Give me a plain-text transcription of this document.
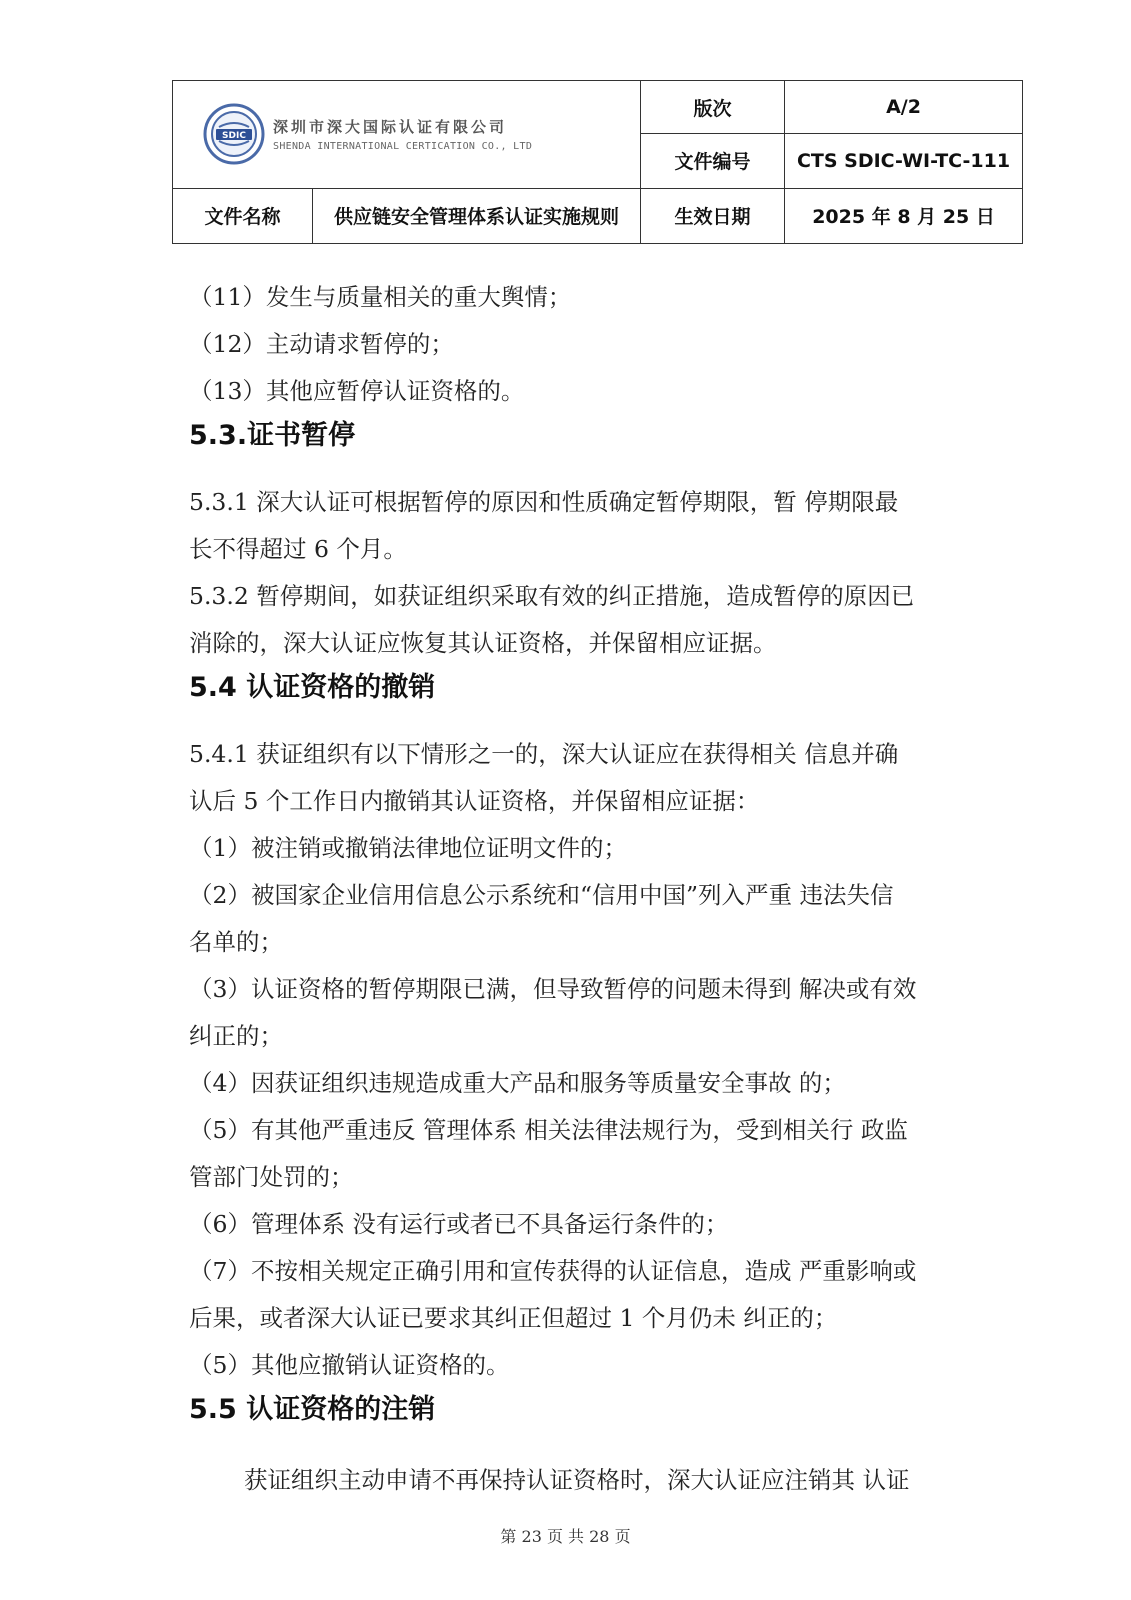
SDIC 深圳市深大国际认证有限公司
SHENDA INTERNATIONAL CERTICATION CO., LTD		版次	A/2
		文件编号	CTS SDIC-WI-TC-111
文件名称	供应链安全管理体系认证实施规则	生效日期	2025 年 8 月 25 日

（11）发生与质量相关的重大舆情；

（12）主动请求暂停的；

（13）其他应暂停认证资格的。

5.3.证书暂停

5.3.1 深大认证可根据暂停的原因和性质确定暂停期限，暂 停期限最

长不得超过 6 个月。

5.3.2 暂停期间，如获证组织采取有效的纠正措施，造成暂停的原因已

消除的，深大认证应恢复其认证资格，并保留相应证据。

5.4 认证资格的撤销

5.4.1 获证组织有以下情形之一的，深大认证应在获得相关 信息并确

认后 5 个工作日内撤销其认证资格，并保留相应证据：

（1）被注销或撤销法律地位证明文件的；

（2）被国家企业信用信息公示系统和“信用中国”列入严重 违法失信

名单的；

（3）认证资格的暂停期限已满，但导致暂停的问题未得到 解决或有效

纠正的；

（4）因获证组织违规造成重大产品和服务等质量安全事故 的；

（5）有其他严重违反 管理体系 相关法律法规行为，受到相关行 政监

管部门处罚的；

（6）管理体系 没有运行或者已不具备运行条件的；

（7）不按相关规定正确引用和宣传获得的认证信息，造成 严重影响或

后果，或者深大认证已要求其纠正但超过 1 个月仍未 纠正的；

（5）其他应撤销认证资格的。

5.5 认证资格的注销

获证组织主动申请不再保持认证资格时，深大认证应注销其 认证

第 23 页 共 28 页
